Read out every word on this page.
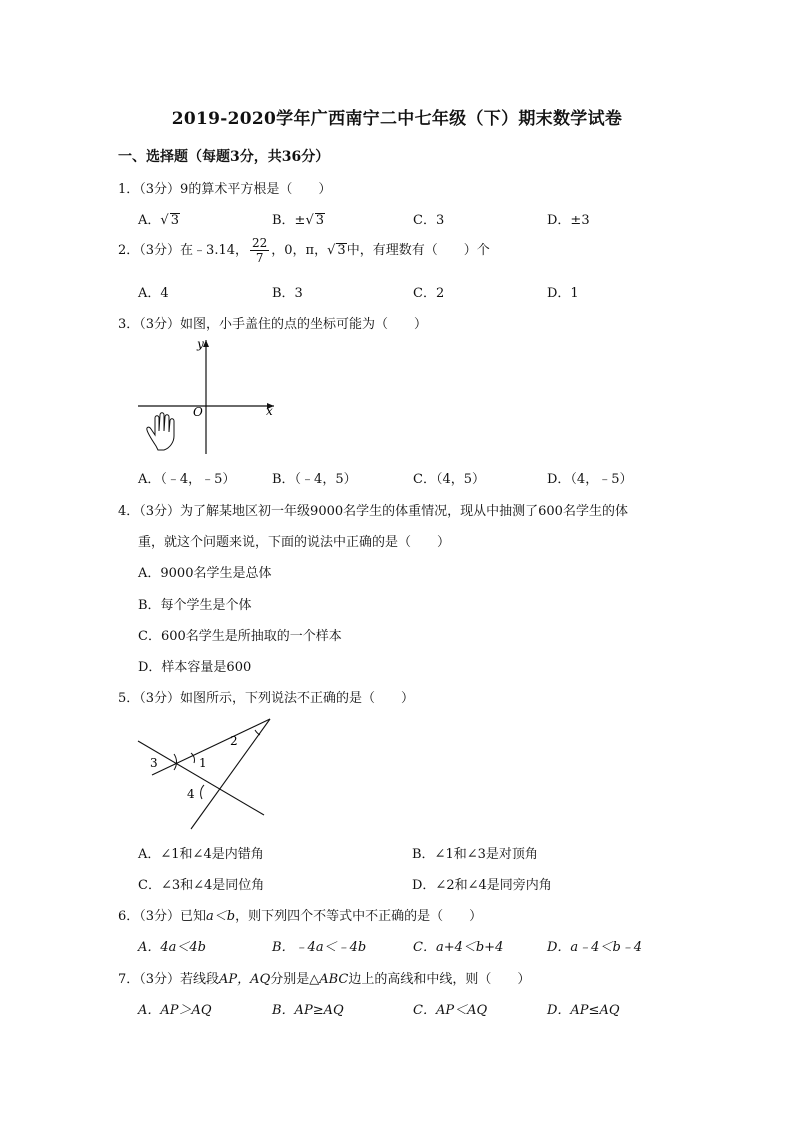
2019-2020学年广西南宁二中七年级（下）期末数学试卷
一、选择题（每题3分，共36分）
1．（3分）9的算术平方根是（　　）
A．√ 3	B．±√ 3	C．3	D．±3
2．（3分）在﹣3.14， $\frac{22}{7}$ ，0，π，√ 3中，有理数有（　　）个
A．4	B．3	C．2	D．1
3．（3分）如图，小手盖住的点的坐标可能为（　　）
x
y
O
A．（﹣4，﹣5）	B．（﹣4，5）	C．（4，5）	D．（4，﹣5）
4．（3分）为了解某地区初一年级9000名学生的体重情况，现从中抽测了600名学生的体
重，就这个问题来说，下面的说法中正确的是（　　）
A．9000名学生是总体
B．每个学生是个体
C．600名学生是所抽取的一个样本
D．样本容量是600
5．（3分）如图所示，下列说法不正确的是（　　）
3	1
2
4
A．∠1和∠4是内错角	B．∠1和∠3是对顶角
C．∠3和∠4是同位角	D．∠2和∠4是同旁内角
6．（3分）已知a＜b，则下列四个不等式中不正确的是（　　）
A．4a＜4b	B．﹣4a＜﹣4b	C．a+4＜b+4	D．a﹣4＜b﹣4
7．（3分）若线段AP，AQ分别是△ABC边上的高线和中线，则（　　）
A．AP＞AQ	B．AP≥AQ	C．AP＜AQ	D．AP≤AQ
